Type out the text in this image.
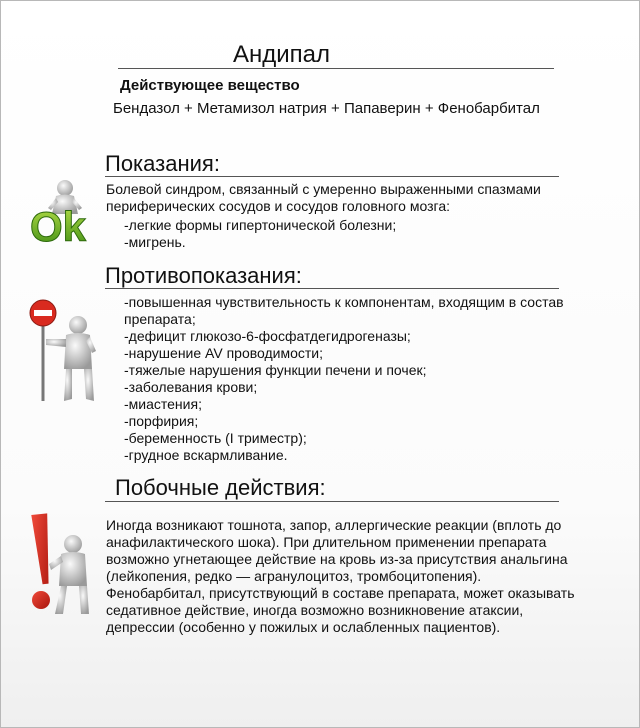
Андипал
Действующее вещество
Бендазол + Метамизол натрия + Папаверин + Фенобарбитал
Показания:
Ok
Болевой синдром, связанный с умеренно выраженными спазмами периферических сосудов и сосудов головного мозга:
-легкие формы гипертонической болезни;
-мигрень.
Противопоказания:
-повышенная чувствительность к компонентам, входящим в состав препарата;
-дефицит глюкозо-6-фосфатдегидрогеназы;
-нарушение AV проводимости;
-тяжелые нарушения функции печени и почек;
-заболевания крови;
-миастения;
-порфирия;
-беременность (I триместр);
-грудное вскармливание.
Побочные действия:
Иногда возникают тошнота, запор, аллергические реакции (вплоть до анафилактического шока). При длительном применении препарата возможно угнетающее действие на кровь из-за присутствия анальгина (лейкопения, редко — агранулоцитоз, тромбоцитопения). Фенобарбитал, присутствующий в составе препарата, может оказывать седативное действие, иногда возможно возникновение атаксии, депрессии (особенно у пожилых и ослабленных пациентов).
